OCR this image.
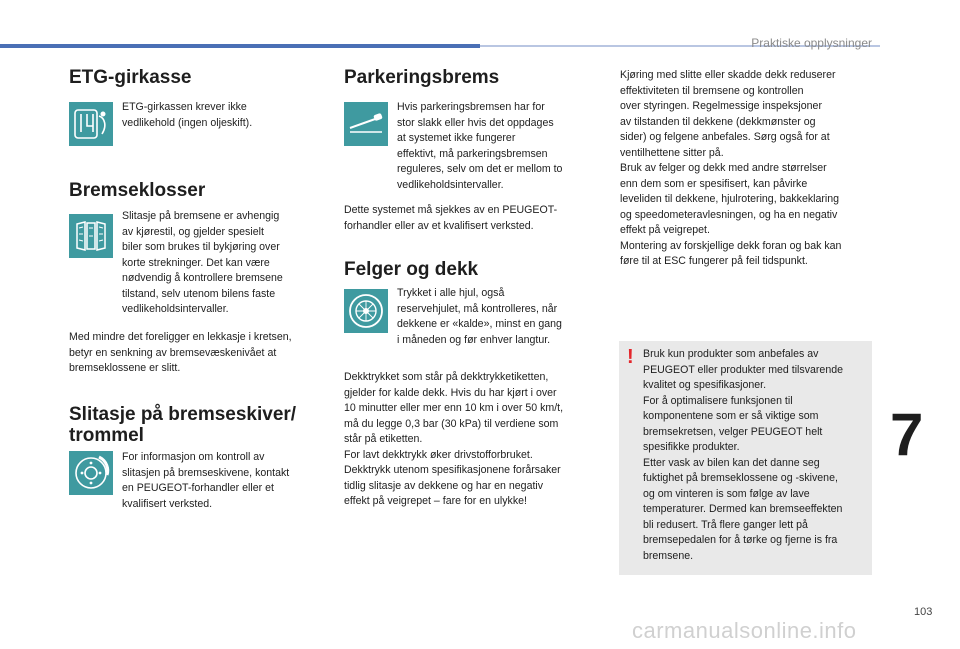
Praktiske opplysninger
ETG-girkasse

ETG-girkassen krever ikke
vedlikehold (ingen oljeskift).

Bremseklosser

Slitasje på bremsene er avhengig
av kjørestil, og gjelder spesielt
biler som brukes til bykjøring over
korte strekninger. Det kan være
nødvendig å kontrollere bremsene
tilstand, selv utenom bilens faste
vedlikeholdsintervaller.

Med mindre det foreligger en lekkasje i kretsen,
betyr en senkning av bremsevæskenivået at
bremseklossene er slitt.

Slitasje på bremseskiver/
trommel

For informasjon om kontroll av
slitasjen på bremseskivene, kontakt
en PEUGEOT-forhandler eller et
kvalifisert verksted.

Parkeringsbrems

Hvis parkeringsbremsen har for
stor slakk eller hvis det oppdages
at systemet ikke fungerer
effektivt, må parkeringsbremsen
reguleres, selv om det er mellom to
vedlikeholdsintervaller.

Dette systemet må sjekkes av en PEUGEOT-
forhandler eller av et kvalifisert verksted.

Felger og dekk

Trykket i alle hjul, også
reservehjulet, må kontrolleres, når
dekkene er «kalde», minst en gang
i måneden og før enhver langtur.

Dekktrykket som står på dekktrykketiketten,
gjelder for kalde dekk. Hvis du har kjørt i over
10 minutter eller mer enn 10 km i over 50 km/t,
må du legge 0,3 bar (30 kPa) til verdiene som
står på etiketten.
For lavt dekktrykk øker drivstofforbruket.
Dekktrykk utenom spesifikasjonene forårsaker
tidlig slitasje av dekkene og har en negativ
effekt på veigrepet – fare for en ulykke!

Kjøring med slitte eller skadde dekk reduserer
effektiviteten til bremsene og kontrollen
over styringen. Regelmessige inspeksjoner
av tilstanden til dekkene (dekkmønster og
sider) og felgene anbefales. Sørg også for at
ventilhettene sitter på.
Bruk av felger og dekk med andre størrelser
enn dem som er spesifisert, kan påvirke
leveliden til dekkene, hjulrotering, bakkeklaring
og speedometeravlesningen, og ha en negativ
effekt på veigrepet.
Montering av forskjellige dekk foran og bak kan
føre til at ESC fungerer på feil tidspunkt.

! Bruk kun produkter som anbefales av
PEUGEOT eller produkter med tilsvarende
kvalitet og spesifikasjoner.
For å optimalisere funksjonen til
komponentene som er så viktige som
bremsekretsen, velger PEUGEOT helt
spesifikke produkter.
Etter vask av bilen kan det danne seg
fuktighet på bremseklossene og -skivene,
og om vinteren is som følge av lave
temperaturer. Dermed kan bremseeffekten
bli redusert. Trå flere ganger lett på
bremsepedalen for å tørke og fjerne is fra
bremsene.

7
103
carmanualsonline.info
